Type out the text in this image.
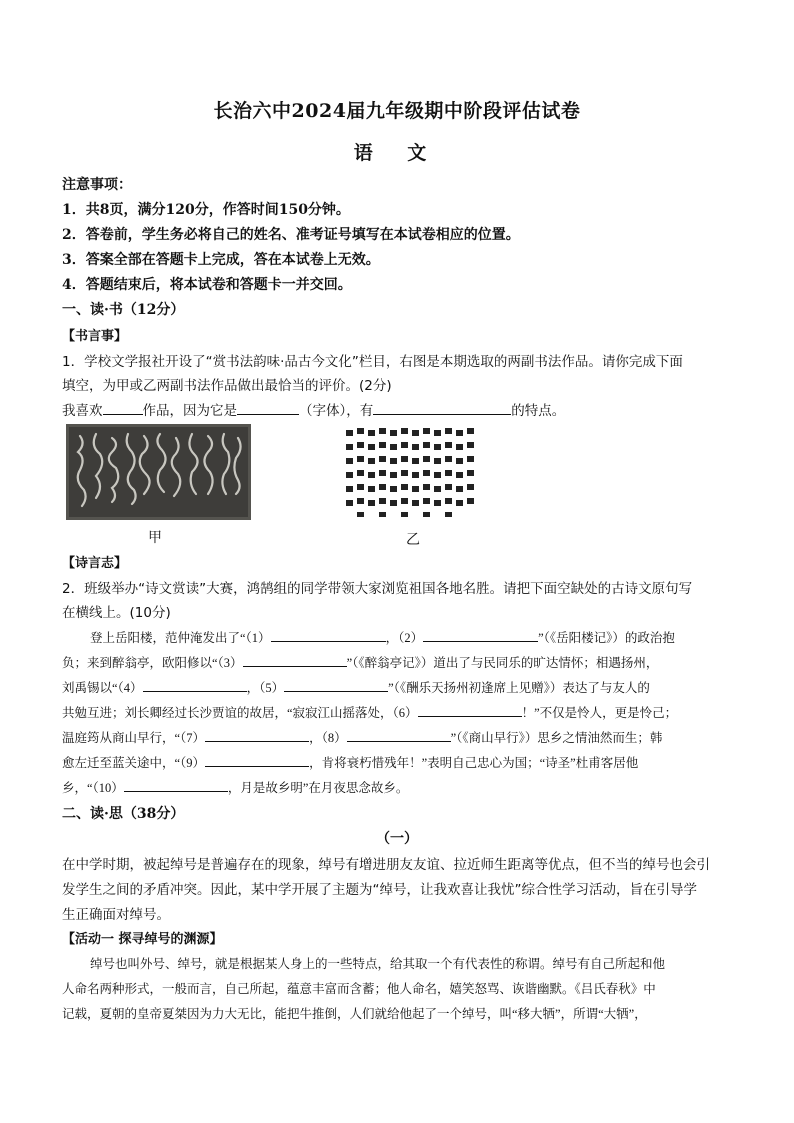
长治六中2024届九年级期中阶段评估试卷
语 文
注意事项：
1．共8页，满分120分，作答时间150分钟。
2．答卷前，学生务必将自己的姓名、准考证号填写在本试卷相应的位置。
3．答案全部在答题卡上完成，答在本试卷上无效。
4．答题结束后，将本试卷和答题卡一并交回。
一、读·书（12分）
【书言事】
1．学校文学报社开设了“赏书法韵味·品古今文化”栏目，右图是本期选取的两副书法作品。请你完成下面
填空，为甲或乙两副书法作品做出最恰当的评价。(2分)
我喜欢	作品，因为它是	（字体），有	的特点。
甲	乙
【诗言志】
2．班级举办“诗文赏读”大赛，鸿鹄组的同学带领大家浏览祖国各地名胜。请把下面空缺处的古诗文原句写
在横线上。(10分)
登上岳阳楼，范仲淹发出了“（1）	，（2）	”（《岳阳楼记》）的政治抱
负；来到醉翁亭，欧阳修以“（3）	”（《醉翁亭记》）道出了与民同乐的旷达情怀；相遇扬州，
刘禹锡以“（4）	，（5）	”（《酬乐天扬州初逢席上见赠》）表达了与友人的
共勉互进；刘长卿经过长沙贾谊的故居，“寂寂江山摇落处，（6）	！”不仅是怜人，更是怜己；
温庭筠从商山早行，“（7）	，（8）	”（《商山早行》）思乡之情油然而生；韩
愈左迁至蓝关途中，“（9）	，肯将衰朽惜残年！”表明自己忠心为国；“诗圣”杜甫客居他
乡，“（10）	，月是故乡明”在月夜思念故乡。
二、读·思（38分）
（一）
在中学时期，被起绰号是普遍存在的现象，绰号有增进朋友友谊、拉近师生距离等优点，但不当的绰号也会引
发学生之间的矛盾冲突。因此，某中学开展了主题为“绰号，让我欢喜让我忧”综合性学习活动，旨在引导学
生正确面对绰号。
【活动一 探寻绰号的渊源】
绰号也叫外号、绰号，就是根据某人身上的一些特点，给其取一个有代表性的称谓。绰号有自己所起和他
人命名两种形式，一般而言，自己所起，蕴意丰富而含蓄；他人命名，嬉笑怒骂、诙谐幽默。《吕氏春秋》中
记载，夏朝的皇帝夏桀因为力大无比，能把牛推倒，人们就给他起了一个绰号，叫“移大牺”，所谓“大牺”，
